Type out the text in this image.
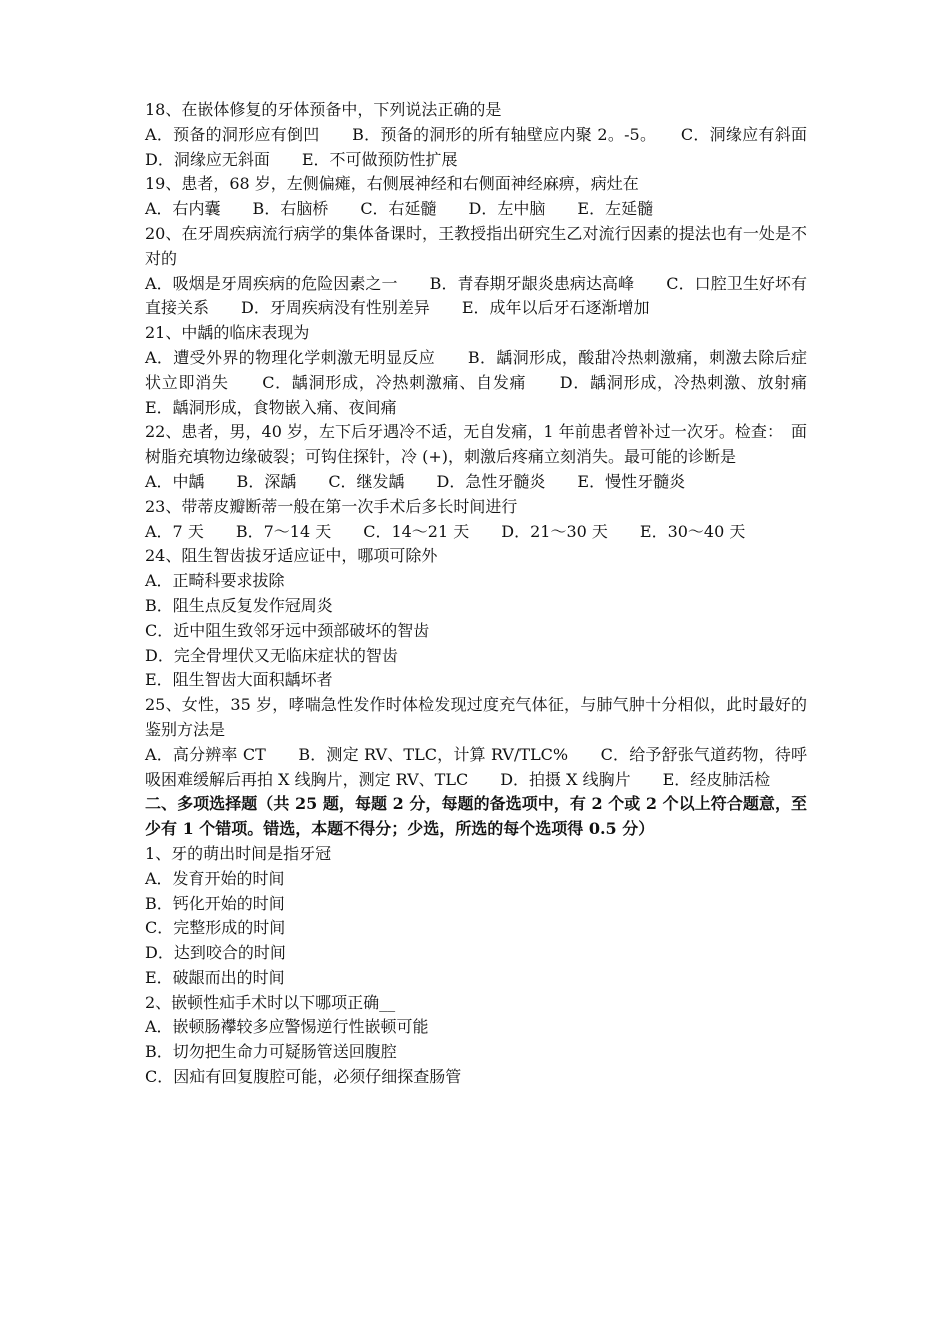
18、在嵌体修复的牙体预备中，下列说法正确的是
A．预备的洞形应有倒凹　　B．预备的洞形的所有轴壁应内聚 2。-5。　　C．洞缘应有斜面　　D．洞缘应无斜面　　E．不可做预防性扩展
19、患者，68 岁，左侧偏瘫，右侧展神经和右侧面神经麻痹，病灶在
A．右内囊　　B．右脑桥　　C．右延髓　　D．左中脑　　E．左延髓
20、在牙周疾病流行病学的集体备课时，王教授指出研究生乙对流行因素的提法也有一处是不对的
A．吸烟是牙周疾病的危险因素之一　　B．青春期牙龈炎患病达高峰　　C．口腔卫生好坏有直接关系　　D．牙周疾病没有性别差异　　E．成年以后牙石逐渐增加
21、中龋的临床表现为
A．遭受外界的物理化学刺激无明显反应　　B．龋洞形成，酸甜冷热刺激痛，刺激去除后症状立即消失　　C．龋洞形成，冷热刺激痛、自发痛　　D．龋洞形成，冷热刺激、放射痛　　E．龋洞形成，食物嵌入痛、夜间痛
22、患者，男，40 岁，左下后牙遇冷不适，无自发痛，1 年前患者曾补过一次牙。检查：　面树脂充填物边缘破裂；可钩住探针，冷 (+)，刺激后疼痛立刻消失。最可能的诊断是
A．中龋　　B．深龋　　C．继发龋　　D．急性牙髓炎　　E．慢性牙髓炎
23、带蒂皮瓣断蒂一般在第一次手术后多长时间进行
A．7 天　　B．7～14 天　　C．14～21 天　　D．21～30 天　　E．30～40 天
24、阻生智齿拔牙适应证中，哪项可除外
A．正畸科要求拔除
B．阻生点反复发作冠周炎
C．近中阻生致邻牙远中颈部破坏的智齿
D．完全骨埋伏又无临床症状的智齿
E．阻生智齿大面积龋坏者
25、女性，35 岁，哮喘急性发作时体检发现过度充气体征，与肺气肿十分相似，此时最好的鉴别方法是
A．高分辨率 CT　　B．测定 RV、TLC，计算 RV/TLC%　　C．给予舒张气道药物，待呼吸困难缓解后再拍 X 线胸片，测定 RV、TLC　　D．拍摄 X 线胸片　　E．经皮肺活检
二、多项选择题（共 25 题，每题 2 分，每题的备选项中，有 2 个或 2 个以上符合题意，至少有 1 个错项。错选，本题不得分；少选，所选的每个选项得 0.5 分）
1、牙的萌出时间是指牙冠
A．发育开始的时间
B．钙化开始的时间
C．完整形成的时间
D．达到咬合的时间
E．破龈而出的时间
2、嵌顿性疝手术时以下哪项正确__
A．嵌顿肠襻较多应警惕逆行性嵌顿可能
B．切勿把生命力可疑肠管送回腹腔
C．因疝有回复腹腔可能，必须仔细探查肠管
